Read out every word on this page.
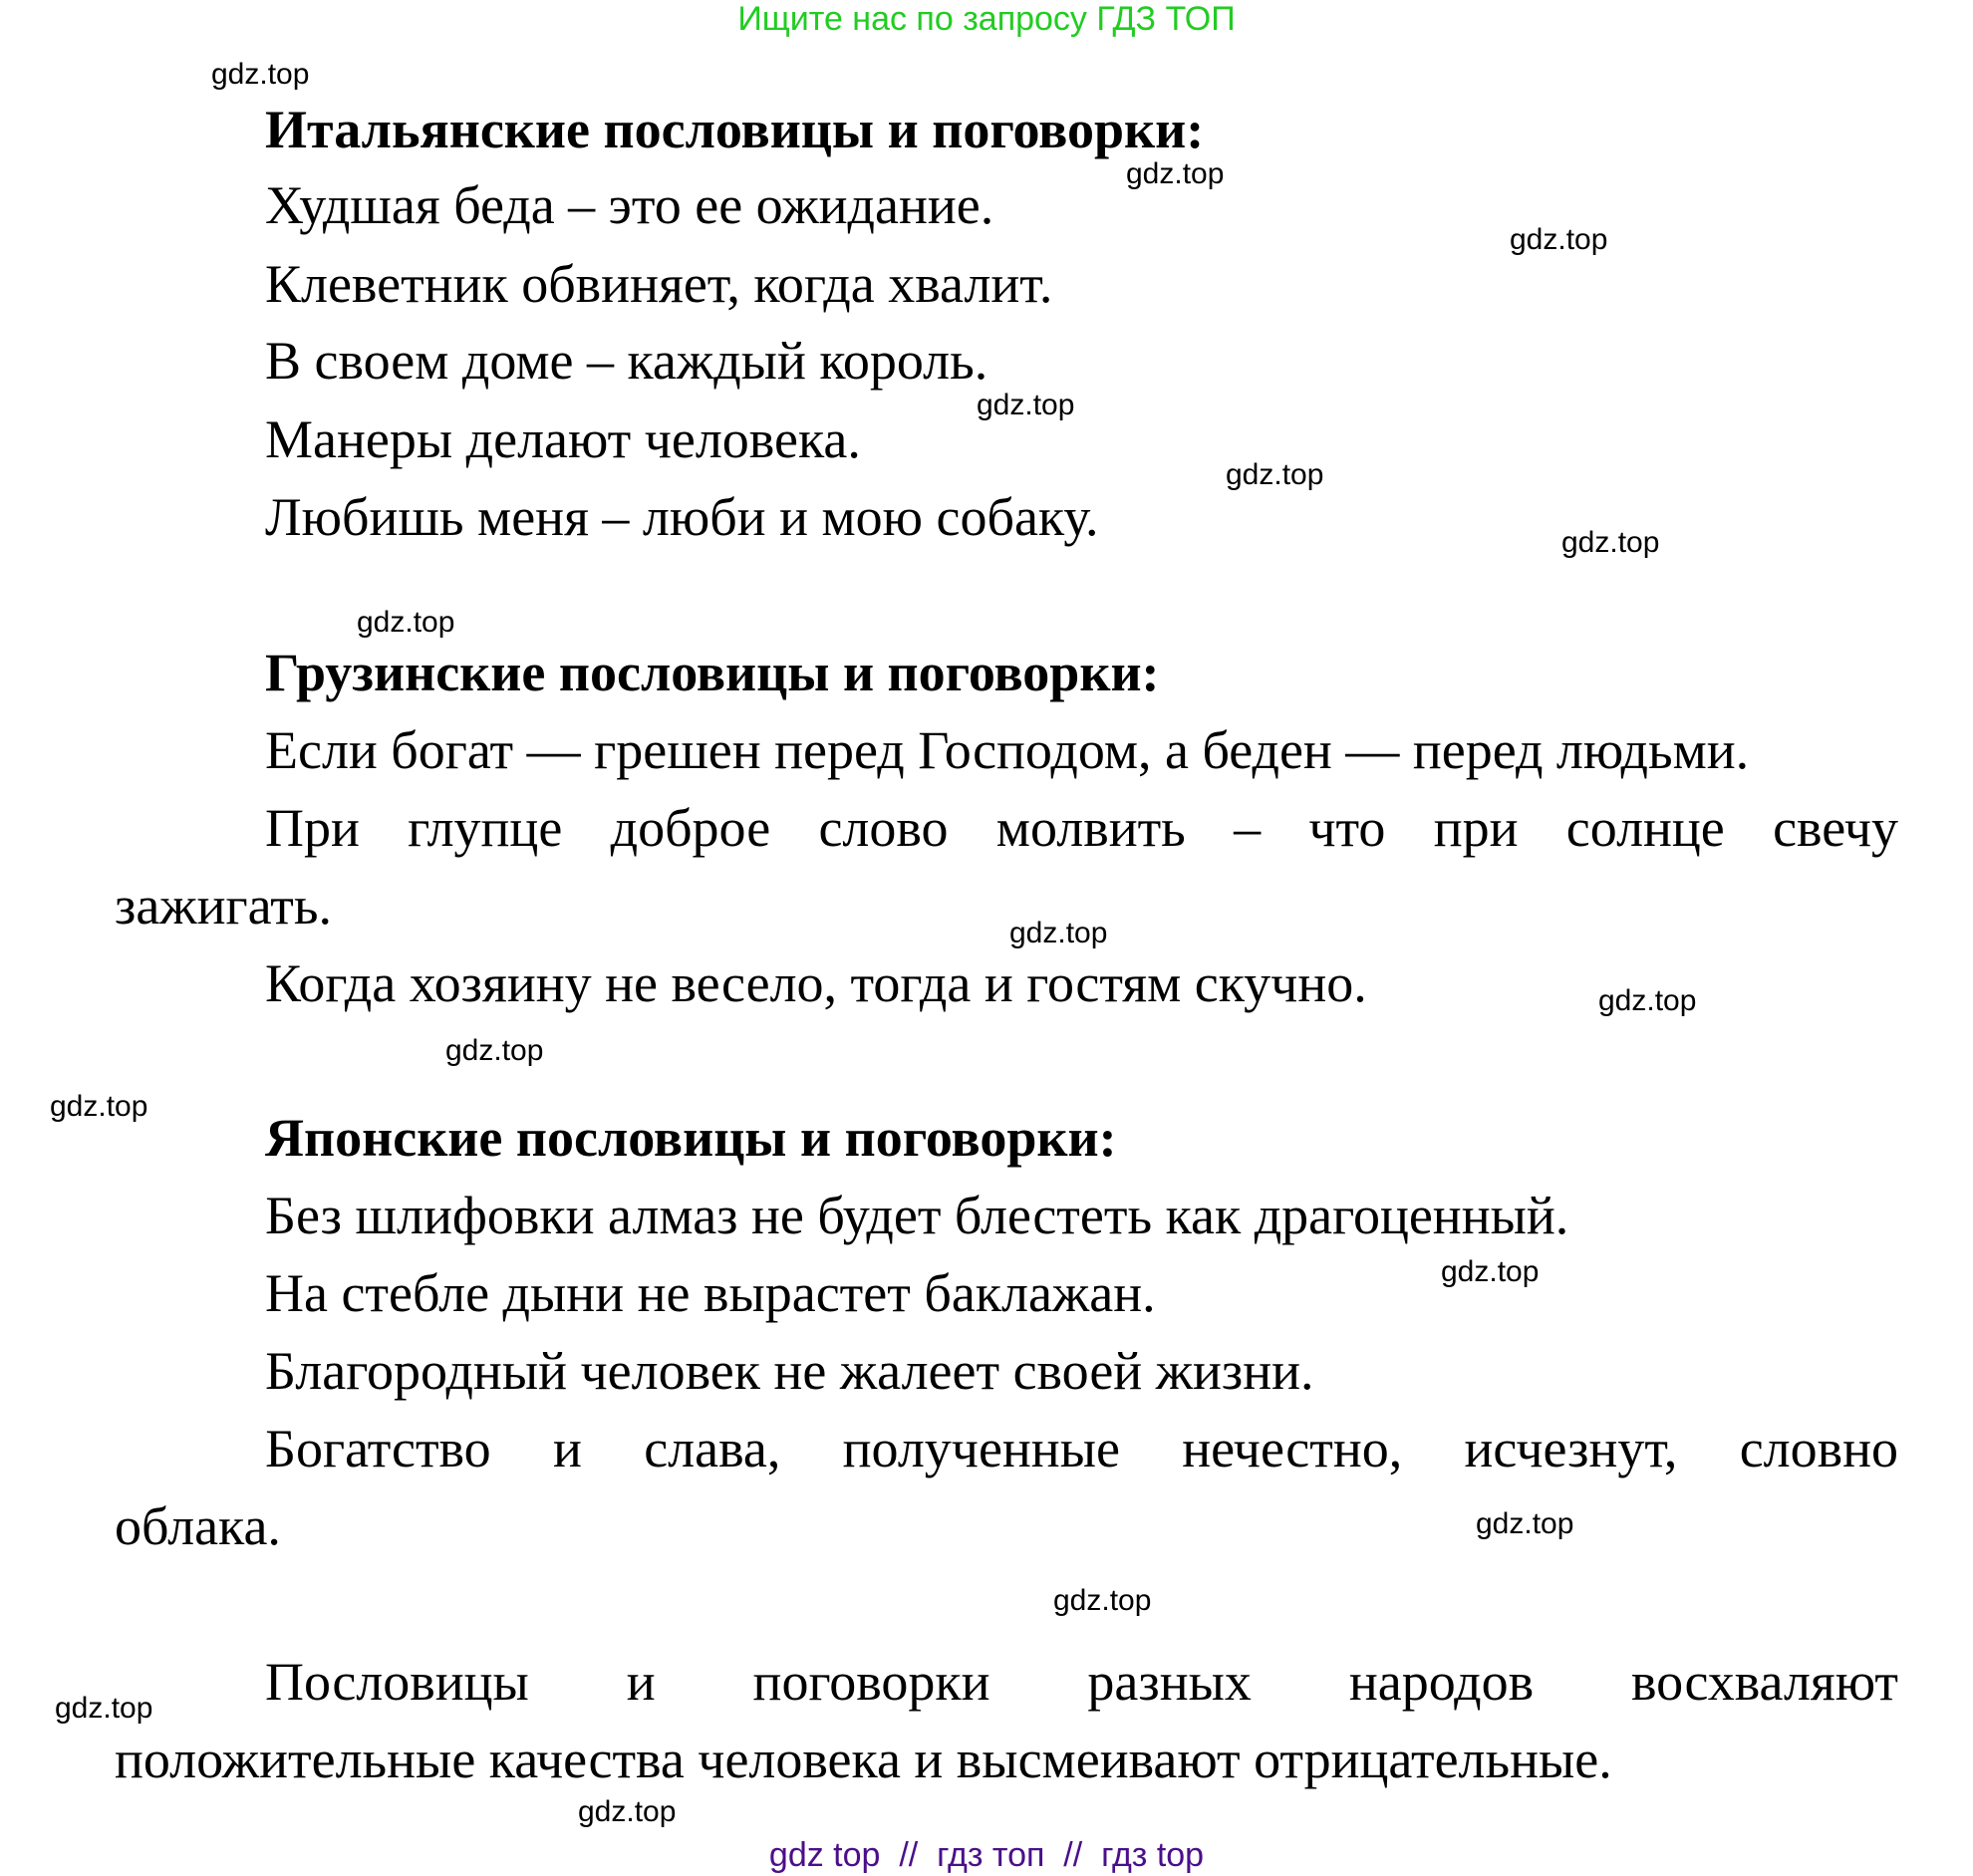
Ищите нас по запросу ГДЗ ТОП
Итальянские пословицы и поговорки:
Худшая беда – это ее ожидание.
Клеветник обвиняет, когда хвалит.
В своем доме – каждый король.
Манеры делают человека.
Любишь меня – люби и мою собаку.
Грузинские пословицы и поговорки:
Если богат — грешен перед Господом, а беден — перед людьми.
При глупце доброе слово молвить – что при солнце свечу
зажигать.
Когда хозяину не весело, тогда и гостям скучно.
Японские пословицы и поговорки:
Без шлифовки алмаз не будет блестеть как драгоценный.
На стебле дыни не вырастет баклажан.
Благородный человек не жалеет своей жизни.
Богатство и слава, полученные нечестно, исчезнут, словно
облака.
Пословицы и поговорки разных народов восхваляют
положительные качества человека и высмеивают отрицательные.
gdz.top
gdz.top
gdz.top
gdz.top
gdz.top
gdz.top
gdz.top
gdz.top
gdz.top
gdz.top
gdz.top
gdz.top
gdz.top
gdz.top
gdz.top
gdz.top
gdz top  //  гдз топ  //  гдз top
